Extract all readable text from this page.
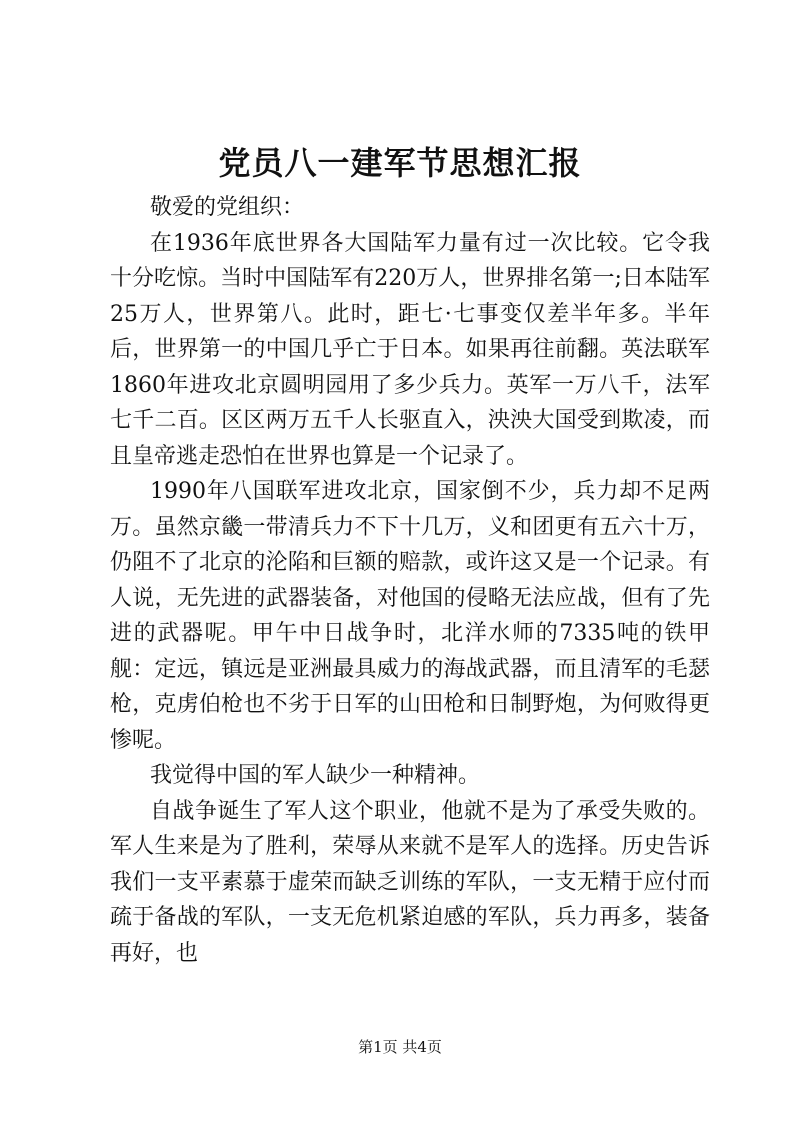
党员八一建军节思想汇报

敬爱的党组织：

在1936年底世界各大国陆军力量有过一次比较。它令我十分吃惊。当时中国陆军有220万人，世界排名第一;日本陆军25万人，世界第八。此时，距七·七事变仅差半年多。半年后，世界第一的中国几乎亡于日本。如果再往前翻。英法联军1860年进攻北京圆明园用了多少兵力。英军一万八千，法军七千二百。区区两万五千人长驱直入，泱泱大国受到欺凌，而且皇帝逃走恐怕在世界也算是一个记录了。

1990年八国联军进攻北京，国家倒不少，兵力却不足两万。虽然京畿一带清兵力不下十几万，义和团更有五六十万，仍阻不了北京的沦陷和巨额的赔款，或许这又是一个记录。有人说，无先进的武器装备，对他国的侵略无法应战，但有了先进的武器呢。甲午中日战争时，北洋水师的7335吨的铁甲舰：定远，镇远是亚洲最具威力的海战武器，而且清军的毛瑟枪，克虏伯枪也不劣于日军的山田枪和日制野炮，为何败得更惨呢。

我觉得中国的军人缺少一种精神。

自战争诞生了军人这个职业，他就不是为了承受失败的。军人生来是为了胜利，荣辱从来就不是军人的选择。历史告诉我们一支平素慕于虚荣而缺乏训练的军队，一支无精于应付而疏于备战的军队，一支无危机紧迫感的军队，兵力再多，装备再好，也

第1页 共4页
